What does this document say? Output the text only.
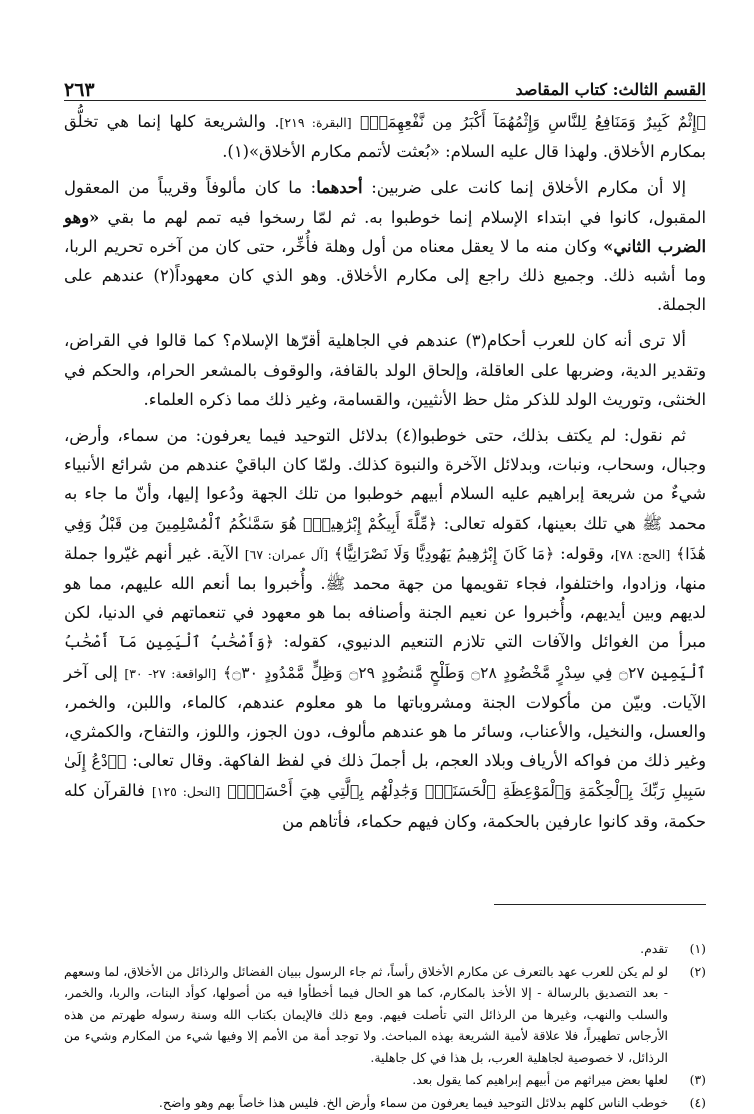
القسم الثالث: كتاب المقاصد
٢٦٣

﴿إِثْمٌ كَبِيرٌ وَمَنَافِعُ لِلنَّاسِ وَإِثْمُهُمَآ أَكْبَرُ مِن نَّفْعِهِمَاۗ﴾ [البقرة: ٢١٩]. والشريعة كلها إنما هي تخلُّق بمكارم الأخلاق. ولهذا قال عليه السلام: «بُعثت لأتمم مكارم الأخلاق»(١).

إلا أن مكارم الأخلاق إنما كانت على ضربين: أحدهما: ما كان مألوفاً وقريباً من المعقول المقبول، كانوا في ابتداء الإسلام إنما خوطبوا به. ثم لمّا رسخوا فيه تمم لهم ما بقي «وهو الضرب الثاني» وكان منه ما لا يعقل معناه من أول وهلة فأُخِّر، حتى كان من آخره تحريم الربا، وما أشبه ذلك. وجميع ذلك راجع إلى مكارم الأخلاق. وهو الذي كان معهوداً(٢) عندهم على الجملة.

ألا ترى أنه كان للعرب أحكام(٣) عندهم في الجاهلية أقرّها الإسلام؟ كما قالوا في القراض، وتقدير الدية، وضربها على العاقلة، وإلحاق الولد بالقافة، والوقوف بالمشعر الحرام، والحكم في الخنثى، وتوريث الولد للذكر مثل حظ الأنثيين، والقسامة، وغير ذلك مما ذكره العلماء.

ثم نقول: لم يكتف بذلك، حتى خوطبوا(٤) بدلائل التوحيد فيما يعرفون: من سماء، وأرض، وجبال، وسحاب، ونبات، وبدلائل الآخرة والنبوة كذلك. ولمّا كان الباقيْ عندهم من شرائع الأنبياء شيءٌ من شريعة إبراهيم عليه السلام أبيهم خوطبوا من تلك الجهة ودُعوا إليها، وأنّ ما جاء به محمد ﷺ هي تلك بعينها، كقوله تعالى: ﴿مِّلَّةَ أَبِيكُمْ إِبْرَٰهِيمَۚ هُوَ سَمَّىٰكُمُ ٱلْمُسْلِمِينَ مِن قَبْلُ وَفِي هَٰذَا﴾ [الحج: ٧٨]، وقوله: ﴿مَا كَانَ إِبْرَٰهِيمُ يَهُودِيًّا وَلَا نَصْرَانِيًّا﴾ [آل عمران: ٦٧] الآية. غير أنهم غيّروا جملة منها، وزادوا، واختلفوا، فجاء تقويمها من جهة محمد ﷺ. وأُخبروا بما أنعم الله عليهم، مما هو لديهم وبين أيديهم، وأُخبروا عن نعيم الجنة وأصنافه بما هو معهود في تنعماتهم في الدنيا، لكن مبرأ من الغوائل والآفات التي تلازم التنعيم الدنيوي، كقوله: ﴿وَأَصْحَٰبُ ٱلْيَمِينِ مَآ أَصْحَٰبُ ٱلْيَمِينِ ۝٢٧ فِي سِدْرٍ مَّخْضُودٍ ۝٢٨ وَطَلْحٍ مَّنضُودٍ ۝٢٩ وَظِلٍّ مَّمْدُودٍ ۝٣٠﴾ [الواقعة: ٢٧- ٣٠] إلى آخر الآيات. وبيّن من مأكولات الجنة ومشروباتها ما هو معلوم عندهم، كالماء، واللبن، والخمر، والعسل، والنخيل، والأعناب، وسائر ما هو عندهم مألوف، دون الجوز، واللوز، والتفاح، والكمثري، وغير ذلك من فواكه الأرياف وبلاد العجم، بل أجملَ ذلك في لفظ الفاكهة. وقال تعالى: ﴿ٱدْعُ إِلَىٰ سَبِيلِ رَبِّكَ بِٱلْحِكْمَةِ وَٱلْمَوْعِظَةِ ٱلْحَسَنَةِۖ وَجَٰدِلْهُم بِٱلَّتِي هِيَ أَحْسَنُۚ﴾ [النحل: ١٢٥] فالقرآن كله حكمة، وقد كانوا عارفين بالحكمة، وكان فيهم حكماء، فأتاهم من

(١)
تقدم.
(٢)
لو لم يكن للعرب عهد بالتعرف عن مكارم الأخلاق رأساً، ثم جاء الرسول ببيان الفضائل والرذائل من الأخلاق، لما وسعهم - بعد التصديق بالرسالة - إلا الأخذ بالمكارم، كما هو الحال فيما أخطأوا فيه من أصولها، كوأد البنات، والربا، والخمر، والسلب والنهب، وغيرها من الرذائل التي تأصلت فيهم. ومع ذلك فالإيمان بكتاب الله وسنة رسوله طهرتم من هذه الأرجاس تطهيراً، فلا علاقة لأمية الشريعة بهذه المباحث. ولا توجد أمة من الأمم إلا وفيها شيء من المكارم وشيء من الرذائل، لا خصوصية لجاهلية العرب، بل هذا في كل جاهلية.
(٣)
لعلها بعض ميراثهم من أبيهم إبراهيم كما يقول بعد.
(٤)
خوطب الناس كلهم بدلائل التوحيد فيما يعرفون من سماء وأرض الخ. فليس هذا خاصاً بهم وهو واضح.
